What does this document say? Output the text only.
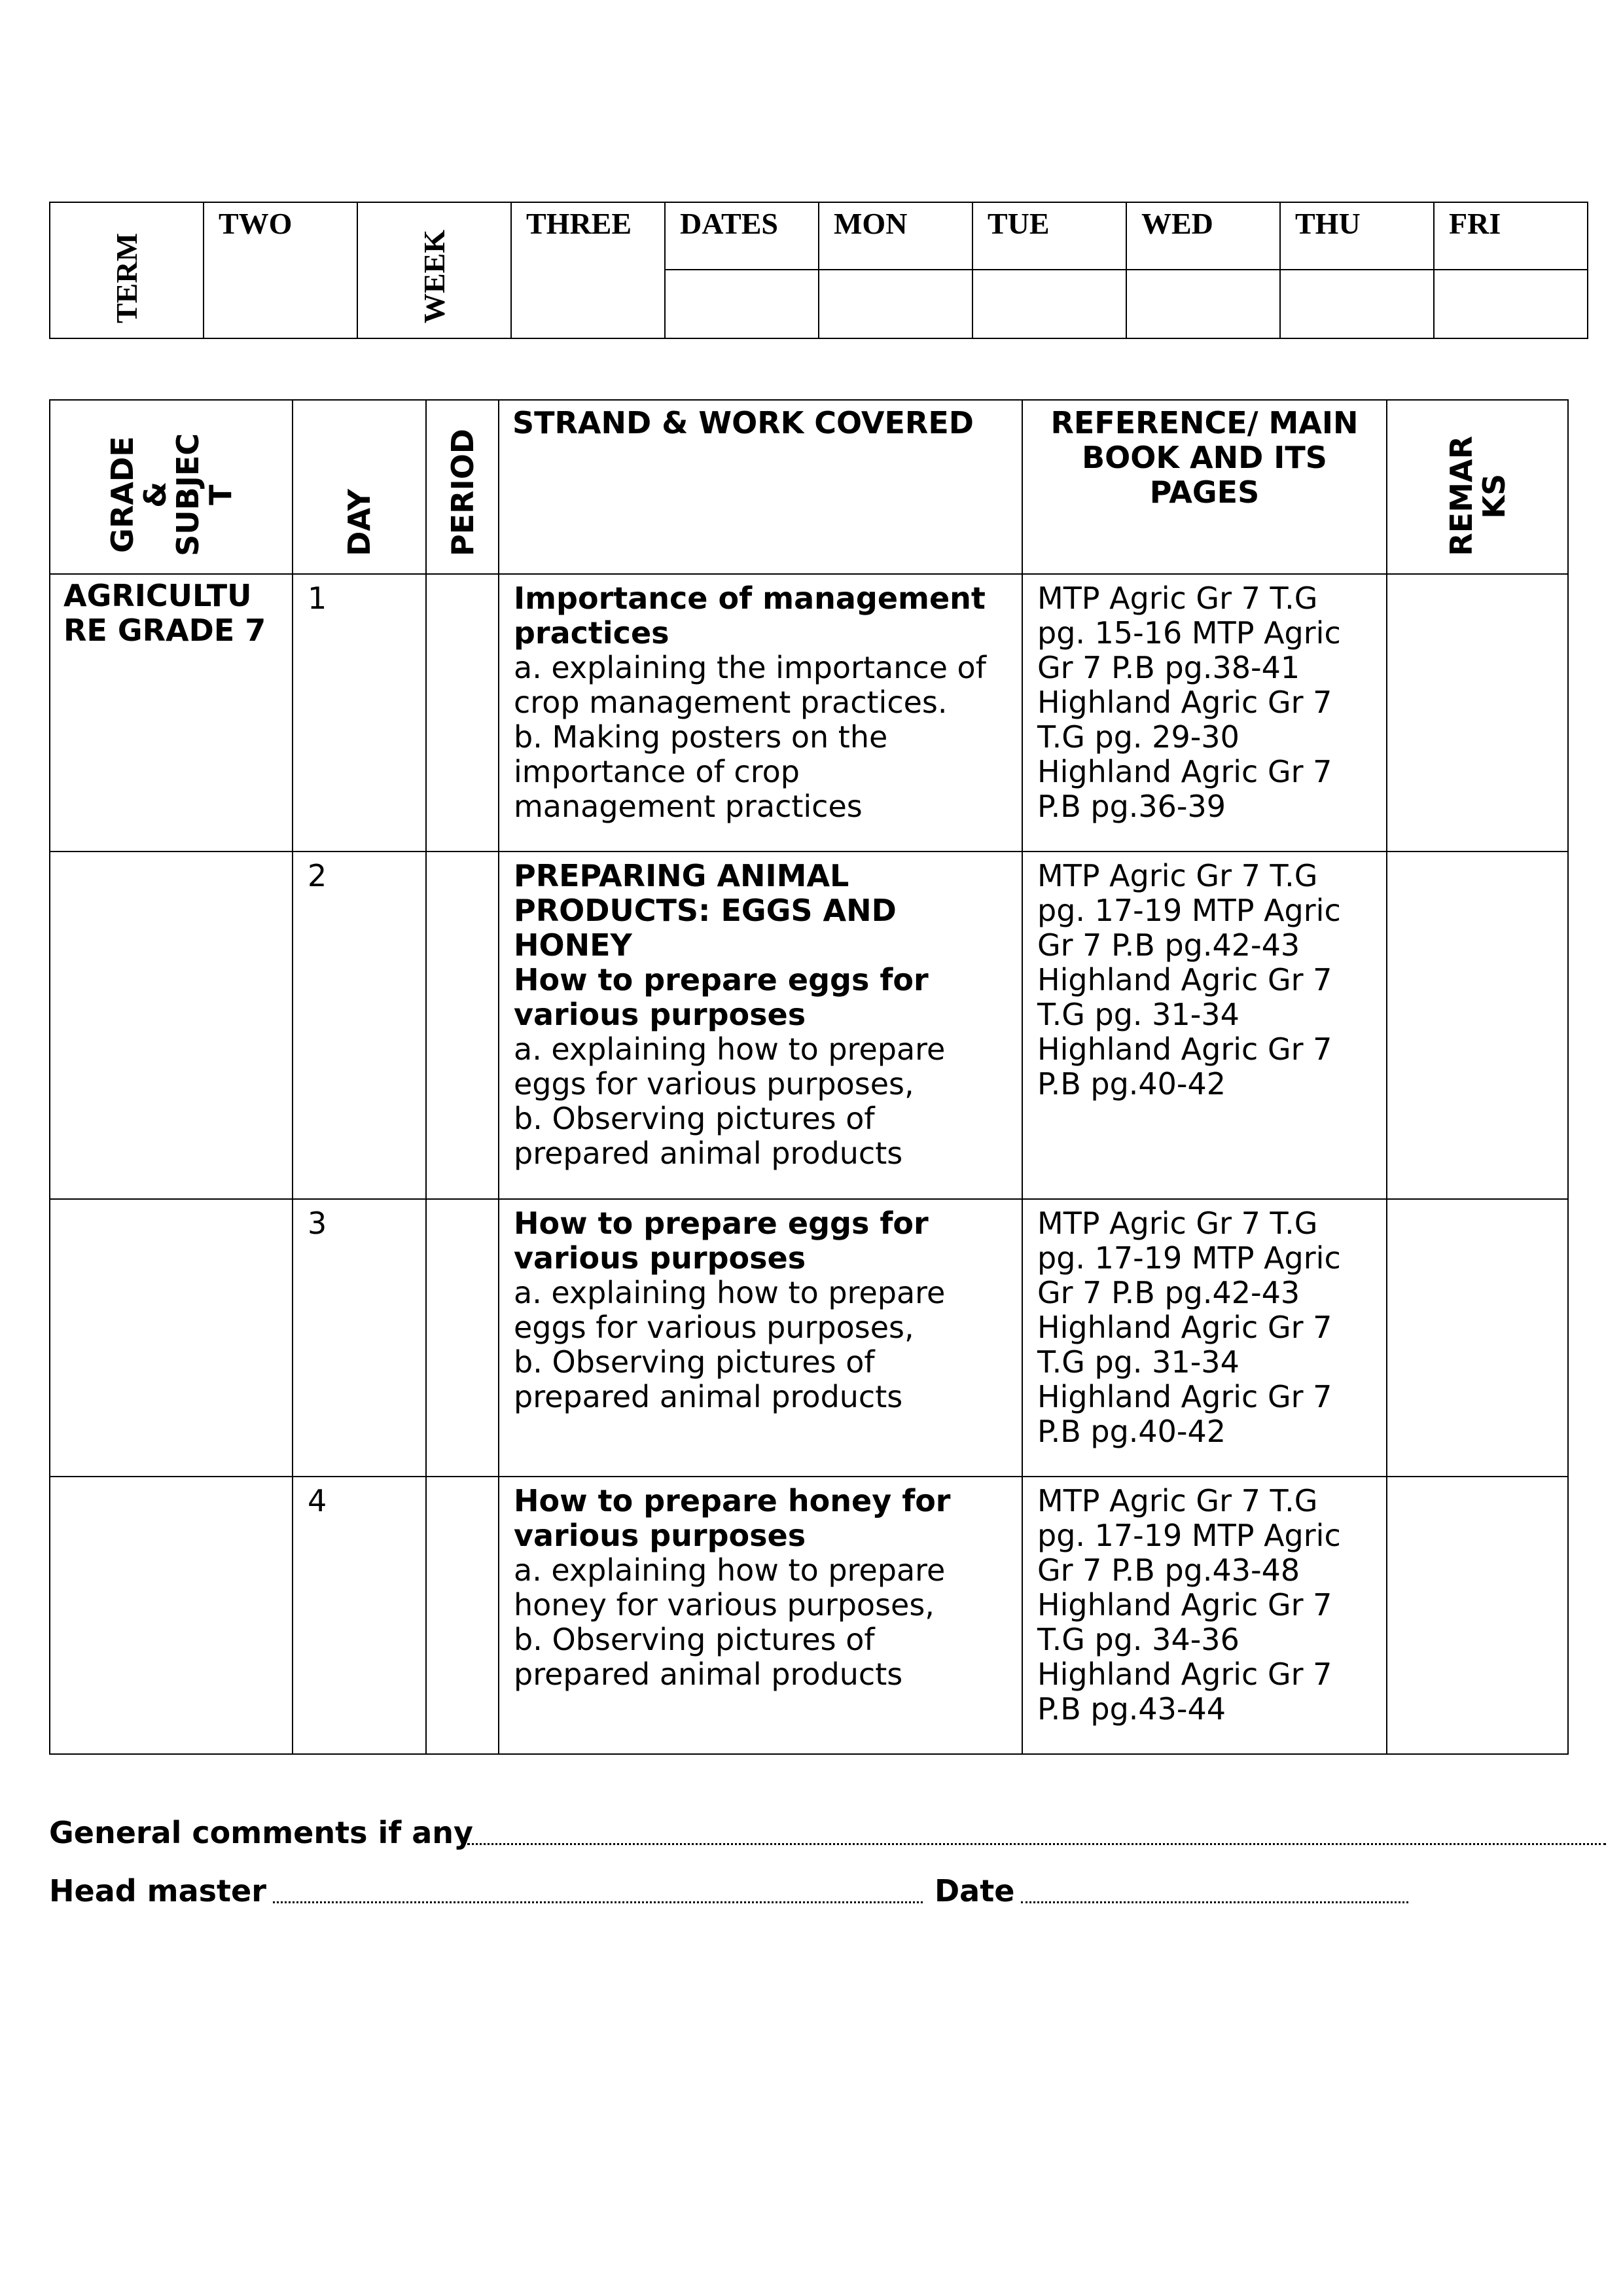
TERM	TWO	WEEK	THREE	DATES	MON	TUE	WED	THU	FRI

GRADE
&
SUBJEC
T	DAY	PERIOD	STRAND & WORK COVERED	REFERENCE/ MAIN BOOK AND ITS PAGES	REMAR
KS

AGRICULTU RE GRADE 7	1		Importance of management practices
a. explaining the importance of crop management practices.
b. Making posters on the importance of crop management practices	MTP Agric Gr 7 T.G pg. 15-16 MTP Agric Gr 7 P.B pg.38-41 Highland Agric Gr 7 T.G pg. 29-30 Highland Agric Gr 7 P.B pg.36-39	

	2		PREPARING ANIMAL PRODUCTS: EGGS AND HONEY
How to prepare eggs for various purposes
a. explaining how to prepare eggs for various purposes,
b. Observing pictures of prepared animal products	MTP Agric Gr 7 T.G pg. 17-19 MTP Agric Gr 7 P.B pg.42-43 Highland Agric Gr 7 T.G pg. 31-34 Highland Agric Gr 7 P.B pg.40-42	

	3		How to prepare eggs for various purposes
a. explaining how to prepare eggs for various purposes,
b. Observing pictures of prepared animal products	MTP Agric Gr 7 T.G pg. 17-19 MTP Agric Gr 7 P.B pg.42-43 Highland Agric Gr 7 T.G pg. 31-34 Highland Agric Gr 7 P.B pg.40-42	

	4		How to prepare honey for various purposes
a. explaining how to prepare honey for various purposes,
b. Observing pictures of prepared animal products	MTP Agric Gr 7 T.G pg. 17-19 MTP Agric Gr 7 P.B pg.43-48 Highland Agric Gr 7 T.G pg. 34-36 Highland Agric Gr 7 P.B pg.43-44	

General comments if any
Head master	Date
